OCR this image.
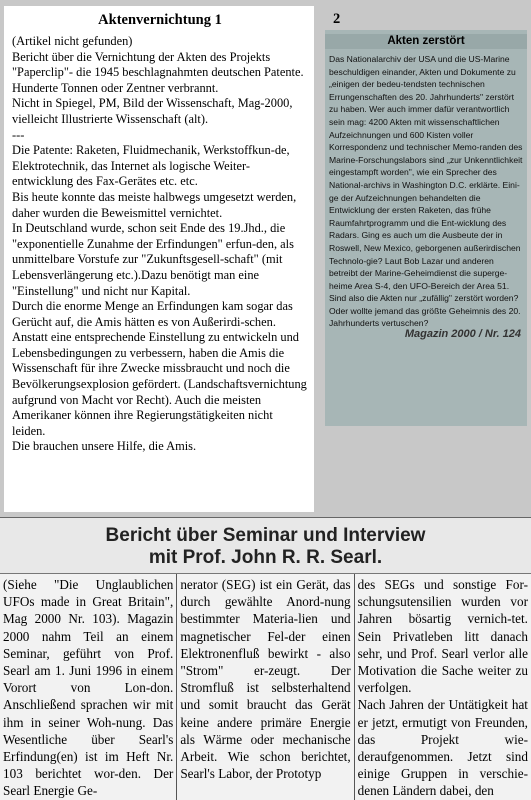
Aktenvernichtung 1
(Artikel nicht gefunden)
Bericht über die Vernichtung der Akten des Projekts "Paperclip"- die 1945 beschlagnahmten deutschen Patente. Hunderte Tonnen oder Zentner verbrannt.
Nicht in Spiegel, PM, Bild der Wissenschaft, Mag-2000, vielleicht Illustrierte Wissenschaft (alt).
---
Die Patente: Raketen, Fluidmechanik, Werkstoffkun-de, Elektrotechnik, das Internet als logische Weiter-entwicklung des Fax-Gerätes etc. etc.
Bis heute konnte das meiste halbwegs umgesetzt werden, daher wurden die Beweismittel vernichtet.
In Deutschland wurde, schon seit Ende des 19.Jhd., die "exponentielle Zunahme der Erfindungen" erfun-den, als unmittelbare Vorstufe zur "Zukunftsgesell-schaft" (mit Lebensverlängerung etc.).Dazu benötigt man eine "Einstellung" und nicht nur Kapital.
Durch die enorme Menge an Erfindungen kam sogar das Gerücht auf, die Amis hätten es von Außerirdi-schen.
Anstatt eine entsprechende Einstellung zu entwickeln und Lebensbedingungen zu verbessern, haben die Amis die Wissenschaft für ihre Zwecke missbraucht und noch die Bevölkerungsexplosion gefördert. (Landschaftsvernichtung aufgrund von Macht vor Recht). Auch die meisten Amerikaner können ihre Regierungstätigkeiten nicht leiden.
Die brauchen unsere Hilfe, die Amis.
2
Akten zerstört
Das Nationalarchiv der USA und die US-Marine beschuldigen einander, Akten und Dokumente zu „einigen der bedeu-tendsten technischen Errungenschaften des 20. Jahrhunderts" zerstört zu haben. Wer auch immer dafür verantwortlich sein mag: 4200 Akten mit wissenschaftlichen Aufzeichnungen und 600 Kisten voller Korrespondenz und technischer Memo-randen des Marine-Forschungslabors sind „zur Unkenntlichkeit eingestampft worden", wie ein Sprecher des National-archivs in Washington D.C. erklärte. Eini-ge der Aufzeichnungen behandelten die Entwicklung der ersten Raketen, das frühe Raumfahrtprogramm und die Ent-wicklung des Radars. Ging es auch um die Ausbeute der in Roswell, New Mexico, geborgenen außerirdischen Technolo-gie? Laut Bob Lazar und anderen betreibt der Marine-Geheimdienst die superge-heime Area S-4, den UFO-Bereich der Area 51. Sind also die Akten nur „zufällig" zerstört worden? Oder wollte jemand das größte Geheimnis des 20. Jahrhunderts vertuschen?
Magazin 2000 / Nr. 124
Bericht über Seminar und Interview
mit Prof. John R. R. Searl.
(Siehe "Die Unglaublichen UFOs made in Great Britain", Mag 2000 Nr. 103). Magazin 2000 nahm Teil an einem Seminar, geführt von Prof. Searl am 1. Juni 1996 in einem Vorort von Lon-don. Anschließend sprachen wir mit ihm in seiner Woh-nung. Das Wesentliche über Searl's Erfindung(en) ist im Heft Nr. 103 berichtet wor-den. Der Searl Energie Ge-
nerator (SEG) ist ein Gerät, das durch gewählte Anord-nung bestimmter Materia-lien und magnetischer Fel-der einen Elektronenfluß bewirkt - also "Strom" er-zeugt. Der Stromfluß ist selbsterhaltend und somit braucht das Gerät keine andere primäre Energie als Wärme oder mechanische Arbeit. Wie schon berichtet, Searl's Labor, der Prototyp
des SEGs und sonstige For-schungsutensilien wurden vor Jahren bösartig vernich-tet. Sein Privatleben litt danach sehr, und Prof. Searl verlor alle Motivation die Sache weiter zu verfolgen.
Nach Jahren der Untätigkeit hat er jetzt, ermutigt von Freunden, das Projekt wie-deraufgenommen. Jetzt sind einige Gruppen in verschie-denen Ländern dabei, den
